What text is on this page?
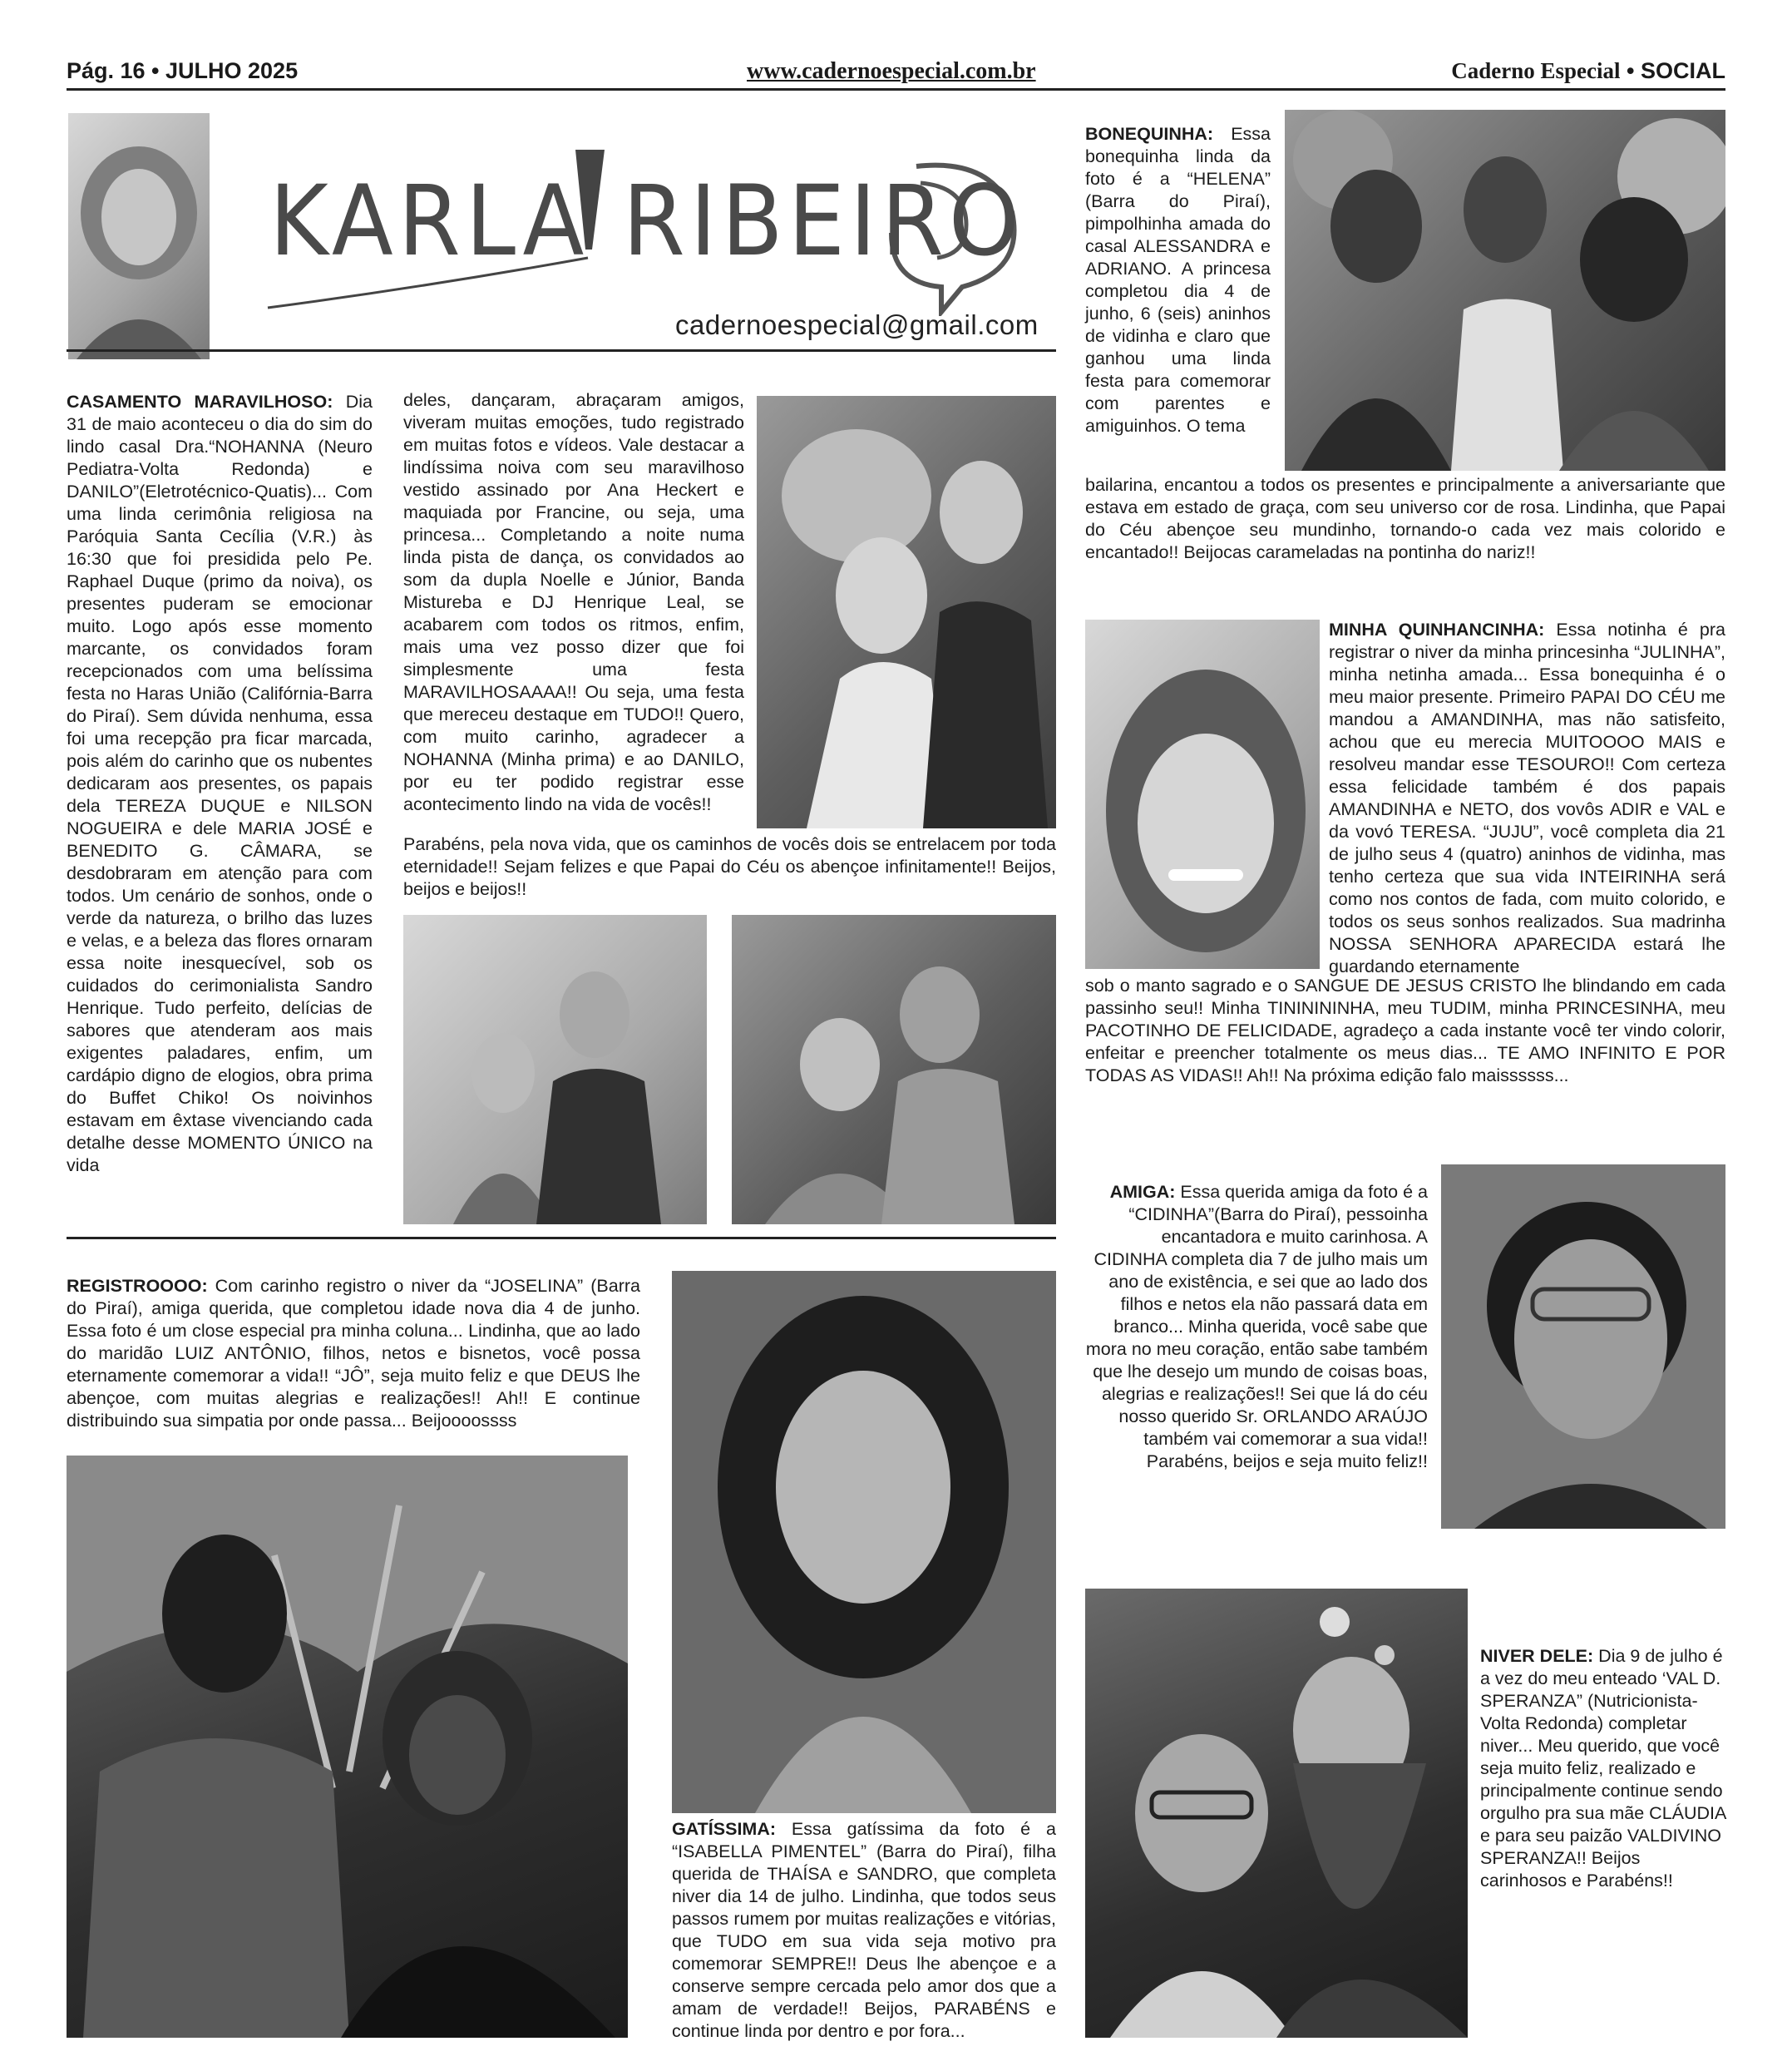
Pág. 16 • JULHO 2025	www.cadernoespecial.com.br	Caderno Especial • SOCIAL
KARLA RIBEIRO
cadernoespecial@gmail.com
CASAMENTO MARAVILHOSO: Dia 31 de maio aconteceu o dia do sim do lindo casal Dra.“NOHANNA (Neuro Pediatra-Volta Redonda) e DANILO”(Eletrotécnico-Quatis)... Com uma linda cerimônia religiosa na Paróquia Santa Cecília (V.R.) às 16:30 que foi presidida pelo Pe. Raphael Duque (primo da noiva), os presentes puderam se emocionar muito. Logo após esse momento marcante, os convidados foram recepcionados com uma belíssima festa no Haras União (Califórnia-Barra do Piraí). Sem dúvida nenhuma, essa foi uma recepção pra ficar marcada, pois além do carinho que os nubentes dedicaram aos presentes, os papais dela TEREZA DUQUE e NILSON NOGUEIRA e dele MARIA JOSÉ e BENEDITO G. CÂMARA, se desdobraram em atenção para com todos. Um cenário de sonhos, onde o verde da natureza, o brilho das luzes e velas, e a beleza das flores ornaram essa noite inesquecível, sob os cuidados do cerimonialista Sandro Henrique. Tudo perfeito, delícias de sabores que atenderam aos mais exigentes paladares, enfim, um cardápio digno de elogios, obra prima do Buffet Chiko! Os noivinhos estavam em êxtase vivenciando cada detalhe desse MOMENTO ÚNICO na vida
deles, dançaram, abraçaram amigos, viveram muitas emoções, tudo registrado em muitas fotos e vídeos. Vale destacar a lindíssima noiva com seu maravilhoso vestido assinado por Ana Heckert e maquiada por Francine, ou seja, uma princesa... Completando a noite numa linda pista de dança, os convidados ao som da dupla Noelle e Júnior, Banda Mistureba e DJ Henrique Leal, se acabarem com todos os ritmos, enfim, mais uma vez posso dizer que foi simplesmente uma festa MARAVILHOSAAAA!! Ou seja, uma festa que mereceu destaque em TUDO!! Quero, com muito carinho, agradecer a NOHANNA (Minha prima) e ao DANILO, por eu ter podido registrar esse acontecimento lindo na vida de vocês!!
Parabéns, pela nova vida, que os caminhos de vocês dois se entrelacem por toda eternidade!! Sejam felizes e que Papai do Céu os abençoe infinitamente!! Beijos, beijos e beijos!!
BONEQUINHA: Essa bonequinha linda da foto é a “HELENA” (Barra do Piraí), pimpolhinha amada do casal ALESSANDRA e ADRIANO. A princesa completou dia 4 de junho, 6 (seis) aninhos de vidinha e claro que ganhou uma linda festa para comemorar com parentes e amiguinhos. O tema
bailarina, encantou a todos os presentes e principalmente a aniversariante que estava em estado de graça, com seu universo cor de rosa. Lindinha, que Papai do Céu abençoe seu mundinho, tornando-o cada vez mais colorido e encantado!! Beijocas carameladas na pontinha do nariz!!
MINHA QUINHANCINHA: Essa notinha é pra registrar o niver da minha princesinha “JULINHA”, minha netinha amada... Essa bonequinha é o meu maior presente. Primeiro PAPAI DO CÉU me mandou a AMANDINHA, mas não satisfeito, achou que eu merecia MUITOOOO MAIS e resolveu mandar esse TESOURO!! Com certeza essa felicidade também é dos papais AMANDINHA e NETO, dos vovôs ADIR e VAL e da vovó TERESA. “JUJU”, você completa dia 21 de julho seus 4 (quatro) aninhos de vidinha, mas tenho certeza que sua vida INTEIRINHA será como nos contos de fada, com muito colorido, e todos os seus sonhos realizados. Sua madrinha NOSSA SENHORA APARECIDA estará lhe guardando eternamente
sob o manto sagrado e o SANGUE DE JESUS CRISTO lhe blindando em cada passinho seu!! Minha TININININHA, meu TUDIM, minha PRINCESINHA, meu PACOTINHO DE FELICIDADE, agradeço a cada instante você ter vindo colorir, enfeitar e preencher totalmente os meus dias... TE AMO INFINITO E POR TODAS AS VIDAS!! Ah!! Na próxima edição falo maissssss...
REGISTROOOO: Com carinho registro o niver da “JOSELINA” (Barra do Piraí), amiga querida, que completou idade nova dia 4 de junho. Essa foto é um close especial pra minha coluna... Lindinha, que ao lado do maridão LUIZ ANTÔNIO, filhos, netos e bisnetos, você possa eternamente comemorar a vida!! “JÔ”, seja muito feliz e que DEUS lhe abençoe, com muitas alegrias e realizações!! Ah!! E continue distribuindo sua simpatia por onde passa... Beijoooossss
GATÍSSIMA: Essa gatíssima da foto é a “ISABELLA PIMENTEL” (Barra do Piraí), filha querida de THAÍSA e SANDRO, que completa niver dia 14 de julho. Lindinha, que todos seus passos rumem por muitas realizações e vitórias, que TUDO em sua vida seja motivo pra comemorar SEMPRE!! Deus lhe abençoe e a conserve sempre cercada pelo amor dos que a amam de verdade!! Beijos, PARABÉNS e continue linda por dentro e por fora...
AMIGA: Essa querida amiga da foto é a “CIDINHA”(Barra do Piraí), pessoinha encantadora e muito carinhosa. A CIDINHA completa dia 7 de julho mais um ano de existência, e sei que ao lado dos filhos e netos ela não passará data em branco... Minha querida, você sabe que mora no meu coração, então sabe também que lhe desejo um mundo de coisas boas, alegrias e realizações!! Sei que lá do céu nosso querido Sr. ORLANDO ARAÚJO também vai comemorar a sua vida!! Parabéns, beijos e seja muito feliz!!
NIVER DELE: Dia 9 de julho é a vez do meu enteado ‘VAL D. SPERANZA” (Nutricionista-Volta Redonda) completar niver... Meu querido, que você seja muito feliz, realizado e principalmente continue sendo orgulho pra sua mãe CLÁUDIA e para seu paizão VALDIVINO SPERANZA!! Beijos carinhosos e Parabéns!!
